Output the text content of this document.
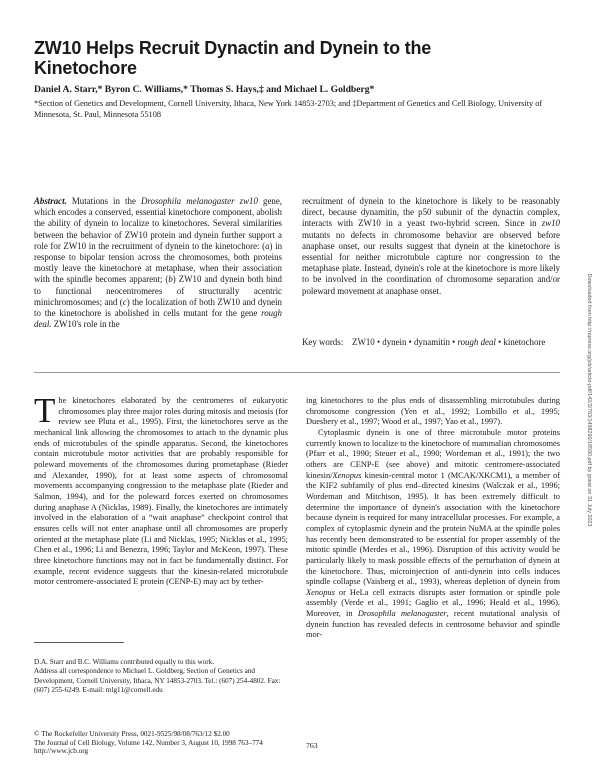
ZW10 Helps Recruit Dynactin and Dynein to the Kinetochore
Daniel A. Starr,* Byron C. Williams,* Thomas S. Hays,‡ and Michael L. Goldberg*
*Section of Genetics and Development, Cornell University, Ithaca, New York 14853-2703; and ‡Department of Genetics and Cell Biology, University of Minnesota, St. Paul, Minnesota 55108
Abstract. Mutations in the Drosophila melanogaster zw10 gene, which encodes a conserved, essential kinetochore component, abolish the ability of dynein to localize to kinetochores. Several similarities between the behavior of ZW10 protein and dynein further support a role for ZW10 in the recruitment of dynein to the kinetochore: (a) in response to bipolar tension across the chromosomes, both proteins mostly leave the kinetochore at metaphase, when their association with the spindle becomes apparent; (b) ZW10 and dynein both bind to functional neocentromeres of structurally acentric minichromosomes; and (c) the localization of both ZW10 and dynein to the kinetochore is abolished in cells mutant for the gene rough deal. ZW10's role in the
recruitment of dynein to the kinetochore is likely to be reasonably direct, because dynamitin, the p50 subunit of the dynactin complex, interacts with ZW10 in a yeast two-hybrid screen. Since in zw10 mutants no defects in chromosome behavior are observed before anaphase onset, our results suggest that dynein at the kinetochore is essential for neither microtubule capture nor congression to the metaphase plate. Instead, dynein's role at the kinetochore is more likely to be involved in the coordination of chromosome separation and/or poleward movement at anaphase onset.
Key words: ZW10 • dynein • dynamitin • rough deal • kinetochore
The kinetochores elaborated by the centromeres of eukaryotic chromosomes play three major roles during mitosis and meiosis (for review see Pluta et al., 1995). First, the kinetochores serve as the mechanical link allowing the chromosomes to attach to the dynamic plus ends of microtubules of the spindle apparatus. Second, the kinetochores contain microtubule motor activities that are probably responsible for poleward movements of the chromosomes during prometaphase (Rieder and Alexander, 1990), for at least some aspects of chromosomal movements accompanying congression to the metaphase plate (Rieder and Salmon, 1994), and for the poleward forces exerted on chromosomes during anaphase A (Nicklas, 1989). Finally, the kinetochores are intimately involved in the elaboration of a “wait anaphase” checkpoint control that ensures cells will not enter anaphase until all chromosomes are properly oriented at the metaphase plate (Li and Nicklas, 1995; Nicklas et al., 1995; Chen et al., 1996; Li and Benezra, 1996; Taylor and McKeon, 1997). These three kinetochore functions may not in fact be fundamentally distinct. For example, recent evidence suggests that the kinesin-related microtubule motor centromere-associated E protein (CENP-E) may act by tether-
ing kinetochores to the plus ends of disassembling microtubules during chromosome congression (Yen et al., 1992; Lombillo et al., 1995; Duesbery et al., 1997; Wood et al., 1997; Yao et al., 1997).
Cytoplasmic dynein is one of three microtubule motor proteins currently known to localize to the kinetochore of mammalian chromosomes (Pfarr et al., 1990; Steuer et al., 1990; Wordeman et al., 1991); the two others are CENP-E (see above) and mitotic centromere-associated kinesin/Xenopus kinesin-central motor 1 (MCAK/XKCM1), a member of the KIF2 subfamily of plus end–directed kinesins (Walczak et al., 1996; Wordeman and Mitchison, 1995). It has been extremely difficult to determine the importance of dynein's association with the kinetochore because dynein is required for many intracellular processes. For example, a complex of cytoplasmic dynein and the protein NuMA at the spindle poles has recently been demonstrated to be essential for proper assembly of the mitotic spindle (Merdes et al., 1996). Disruption of this activity would be particularly likely to mask possible effects of the perturbation of dynein at the kinetochore. Thus, microinjection of anti-dynein into cells induces spindle collapse (Vaisberg et al., 1993), whereas depletion of dynein from Xenopus or HeLa cell extracts disrupts aster formation or spindle pole assembly (Verde et al., 1991; Gaglio et al., 1996; Heald et al., 1996). Moreover, in Drosophila melanogaster, recent mutational analysis of dynein function has revealed defects in centrosome behavior and spindle mor-
D.A. Starr and B.C. Williams contributed equally to this work.
Address all correspondence to Michael L. Goldberg, Section of Genetics and Development, Cornell University, Ithaca, NY 14853-2703. Tel.: (607) 254-4802. Fax: (607) 255-6249. E-mail: mlg11@cornell.edu
© The Rockefeller University Press, 0021-9525/98/08/763/12 $2.00
The Journal of Cell Biology, Volume 142, Number 3, August 10, 1998 763–774
http://www.jcb.org
763
Downloaded from http://rupress.org/jcb/article-pdf/142/3/763/1498290/18590.pdf by guest on 31 July 2023
